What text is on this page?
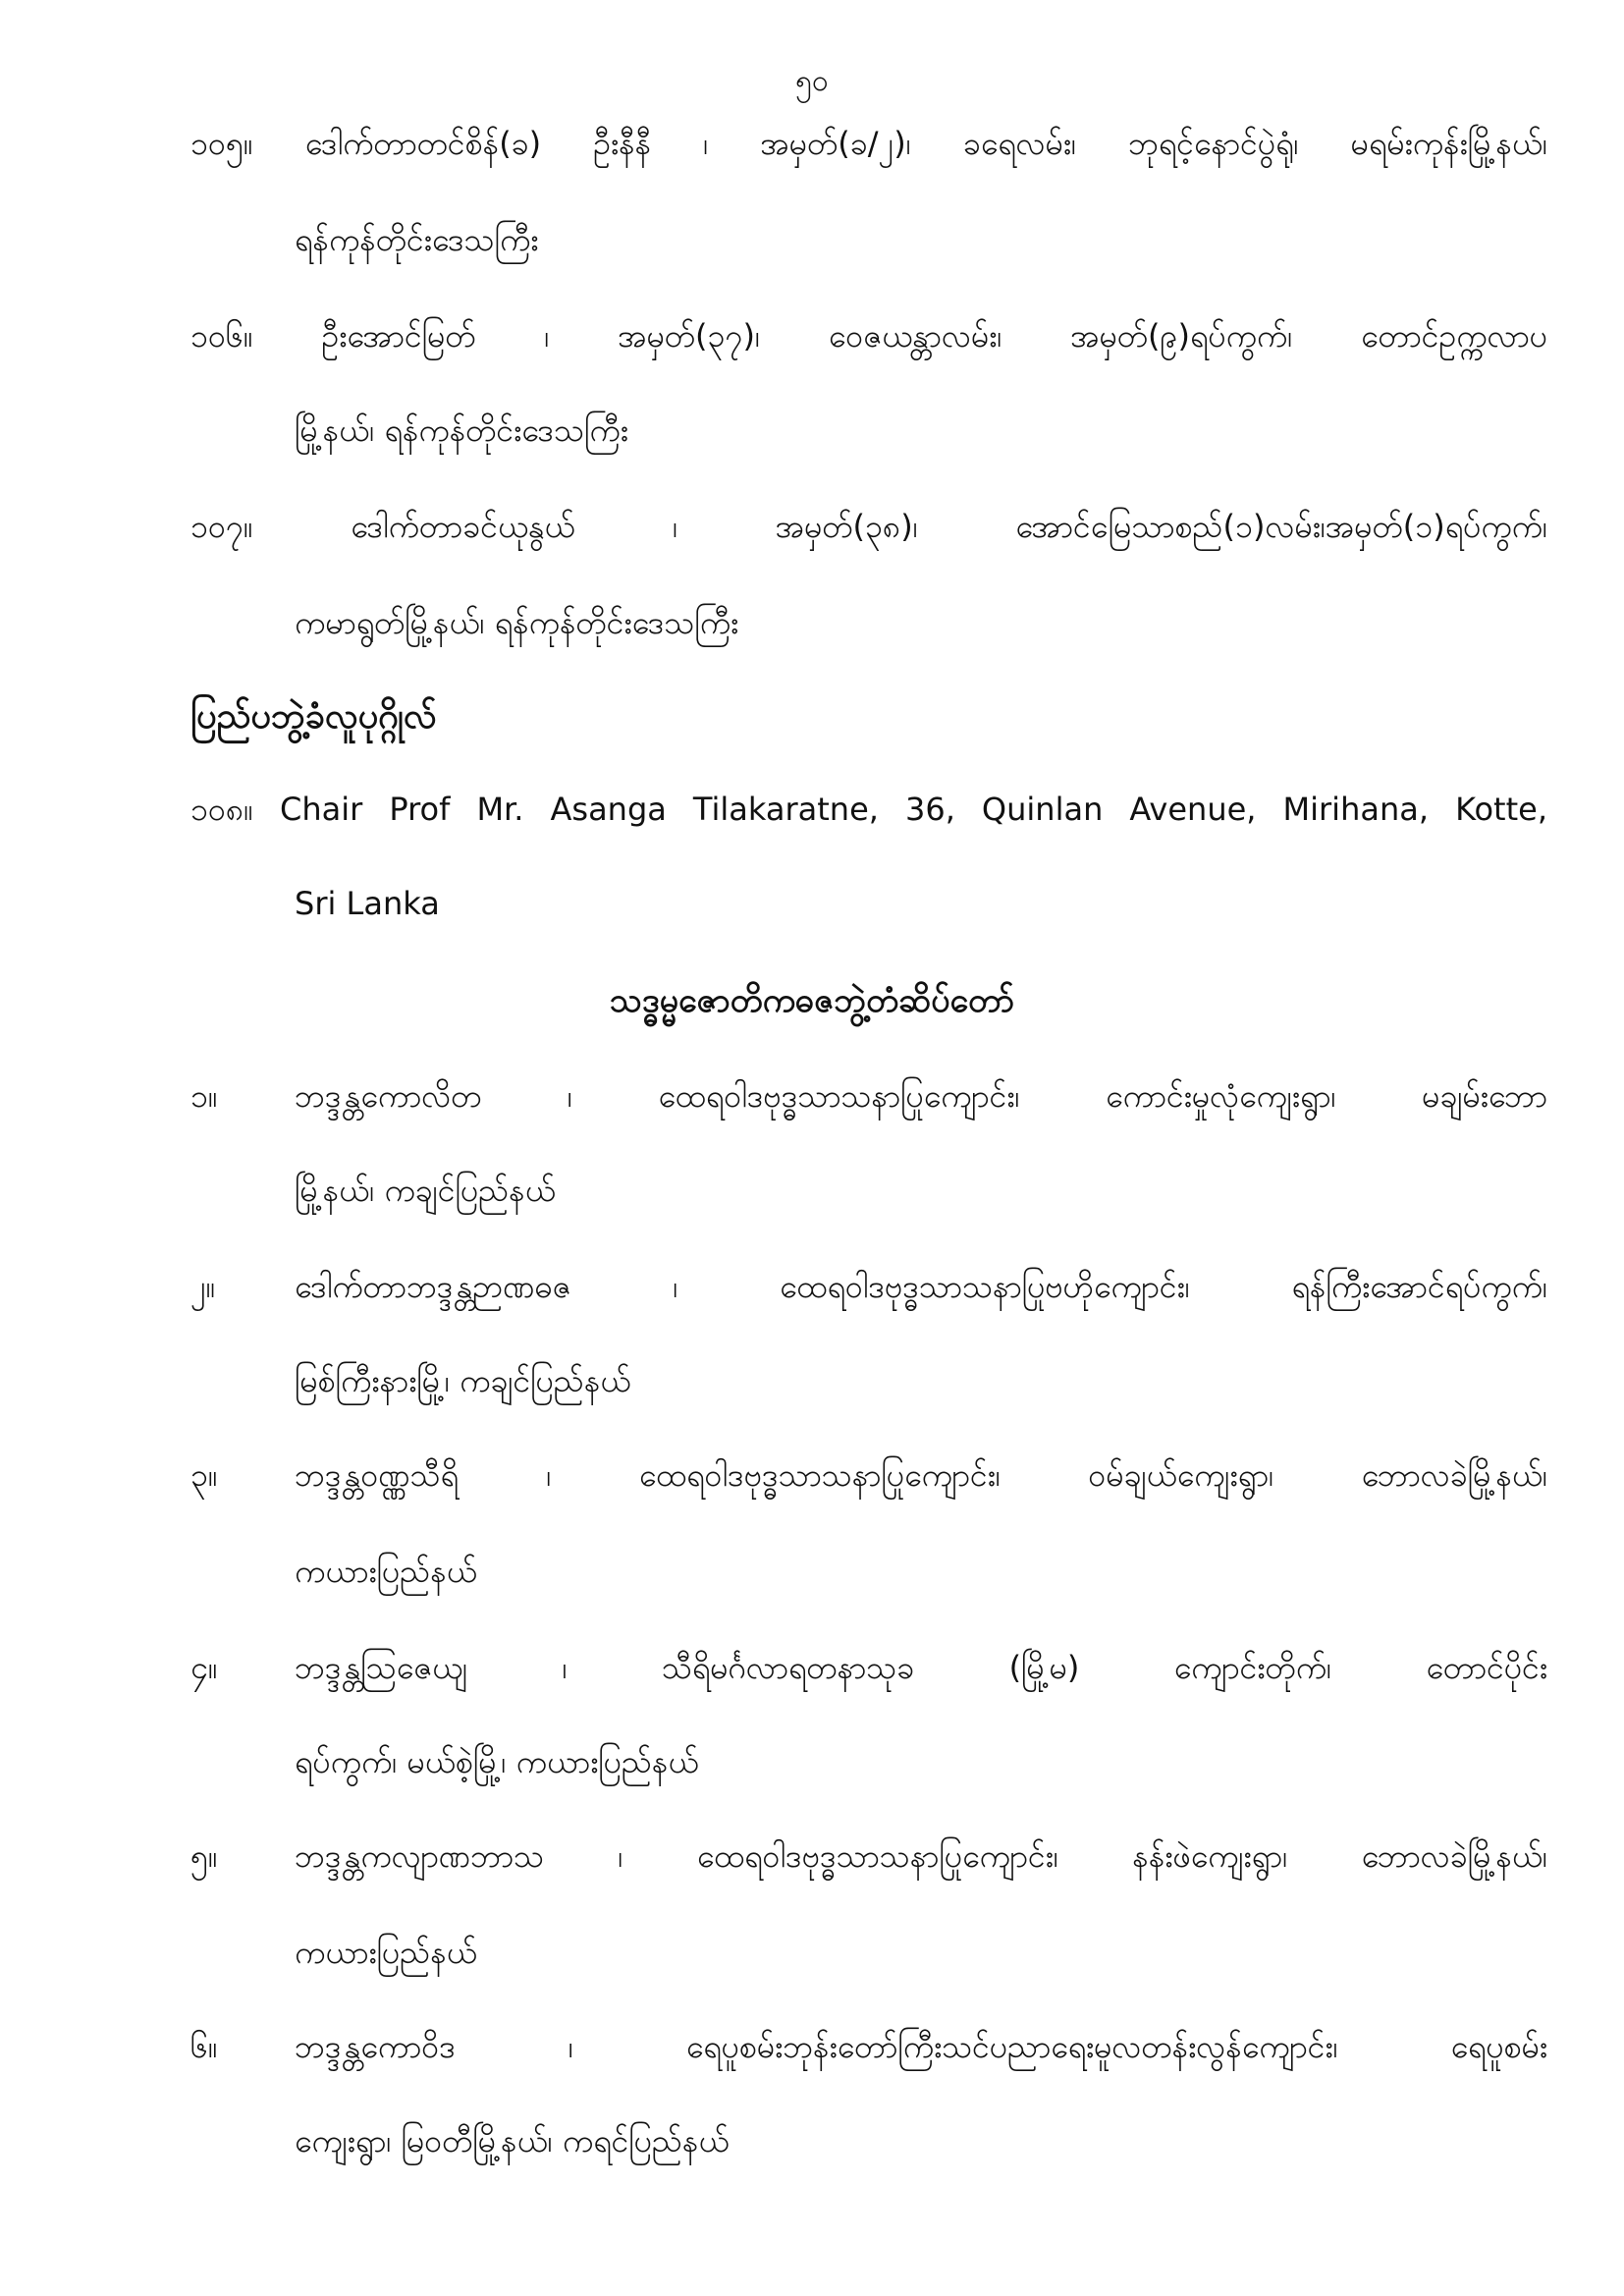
၅၀
၁၀၅။ ဒေါက်တာတင်စိန်(ခ) ဦးနီနီ ၊ အမှတ်(ခ/၂)၊ ခရေလမ်း၊ ဘုရင့်နောင်ပွဲရုံ၊ မရမ်းကုန်းမြို့နယ်၊
ရန်ကုန်တိုင်းဒေသကြီး
၁၀၆။ ဦးအောင်မြတ် ၊ အမှတ်(၃၇)၊ ဝေဇယန္တာလမ်း၊ အမှတ်(၉)ရပ်ကွက်၊ တောင်ဥက္ကလာပ
မြို့နယ်၊ ရန်ကုန်တိုင်းဒေသကြီး
၁၀၇။ ဒေါက်တာခင်ယုနွယ် ၊ အမှတ်(၃၈)၊ အောင်မြေသာစည်(၁)လမ်း၊အမှတ်(၁)ရပ်ကွက်၊
ကမာရွတ်မြို့နယ်၊ ရန်ကုန်တိုင်းဒေသကြီး
ပြည်ပဘွဲ့ခံလူပုဂ္ဂိုလ်
၁၀၈။ Chair Prof Mr. Asanga Tilakaratne, 36, Quinlan Avenue, Mirihana, Kotte,
Sri Lanka
သဒ္ဓမ္မဇောတိကဓဇဘွဲ့တံဆိပ်တော်
၁။ ဘဒ္ဒန္တကောလိတ ၊ ထေရဝါဒဗုဒ္ဓသာသနာပြုကျောင်း၊ ကောင်းမှုလုံကျေးရွာ၊ မချမ်းဘော
မြို့နယ်၊ ကချင်ပြည်နယ်
၂။	ဒေါက်တာဘဒ္ဒန္တဉာဏဓဇ ၊ ထေရဝါဒဗုဒ္ဓသာသနာပြုဗဟိုကျောင်း၊ ရန်ကြီးအောင်ရပ်ကွက်၊
မြစ်ကြီးနားမြို့၊ ကချင်ပြည်နယ်
၃။ ဘဒ္ဒန္တဝဏ္ဏသီရိ ၊ ထေရဝါဒဗုဒ္ဓသာသနာပြုကျောင်း၊ ဝမ်ချယ်ကျေးရွာ၊ ဘောလခဲမြို့နယ်၊
ကယားပြည်နယ်
၄။ ဘဒ္ဒန္တသြဇေယျ ၊ သီရိမင်္ဂလာရတနာသုခ (မြို့မ) ကျောင်းတိုက်၊ တောင်ပိုင်း
ရပ်ကွက်၊ မယ်စဲ့မြို့၊ ကယားပြည်နယ်
၅။ ဘဒ္ဒန္တကလျာဏဘာသ ၊ ထေရဝါဒဗုဒ္ဓသာသနာပြုကျောင်း၊ နန်းဖဲကျေးရွာ၊ ဘောလခဲမြို့နယ်၊
ကယားပြည်နယ်
၆။ ဘဒ္ဒန္တကောဝိဒ ၊ ရေပူစမ်းဘုန်းတော်ကြီးသင်ပညာရေးမူလတန်းလွန်ကျောင်း၊ ရေပူစမ်း
ကျေးရွာ၊ မြဝတီမြို့နယ်၊ ကရင်ပြည်နယ်
